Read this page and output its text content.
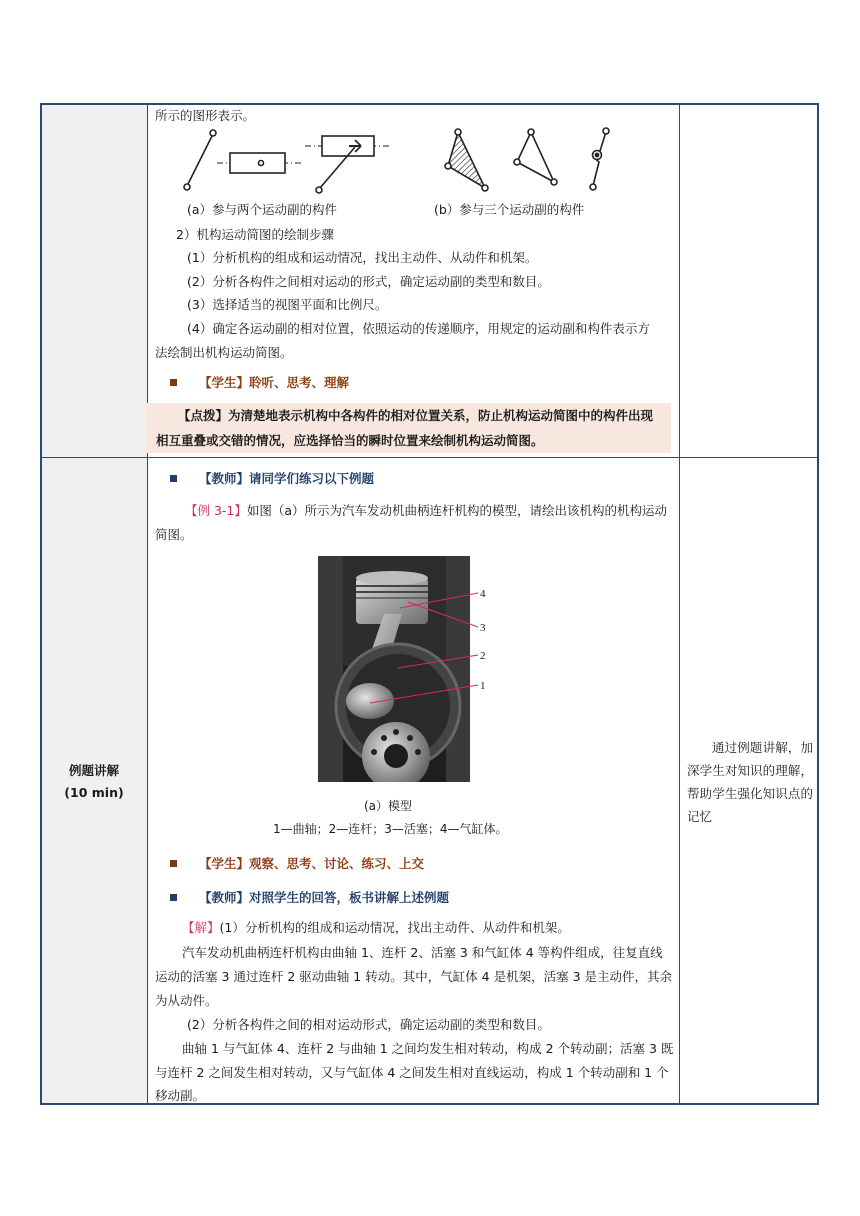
所示的图形表示。
(a）参与两个运动副的构件	(b）参与三个运动副的构件
2）机构运动简图的绘制步骤
(1）分析机构的组成和运动情况，找出主动件、从动件和机架。
(2）分析各构件之间相对运动的形式，确定运动副的类型和数目。
(3）选择适当的视图平面和比例尺。
(4）确定各运动副的相对位置，依照运动的传递顺序，用规定的运动副和构件表示方
法绘制出机构运动简图。
【学生】聆听、思考、理解
【点拨】为清楚地表示机构中各构件的相对位置关系，防止机构运动简图中的构件出现
相互重叠或交错的情况，应选择恰当的瞬时位置来绘制机构运动简图。
例题讲解
(10 min)
【教师】请同学们练习以下例题
【例 3-1】如图（a）所示为汽车发动机曲柄连杆机构的模型，请绘出该机构的机构运动
简图。
4
3
2
1
(a）模型
1—曲轴；2—连杆；3—活塞；4—气缸体。
【学生】观察、思考、讨论、练习、上交
【教师】对照学生的回答，板书讲解上述例题
【解】(1）分析机构的组成和运动情况，找出主动件、从动件和机架。
汽车发动机曲柄连杆机构由曲轴 1、连杆 2、活塞 3 和气缸体 4 等构件组成，往复直线
运动的活塞 3 通过连杆 2 驱动曲轴 1 转动。其中，气缸体 4 是机架，活塞 3 是主动件，其余
为从动件。
(2）分析各构件之间的相对运动形式，确定运动副的类型和数目。
曲轴 1 与气缸体 4、连杆 2 与曲轴 1 之间均发生相对转动，构成 2 个转动副；活塞 3 既
与连杆 2 之间发生相对转动，又与气缸体 4 之间发生相对直线运动，构成 1 个转动副和 1 个
移动副。
通过例题讲解，加深学生对知识的理解，帮助学生强化知识点的记忆
